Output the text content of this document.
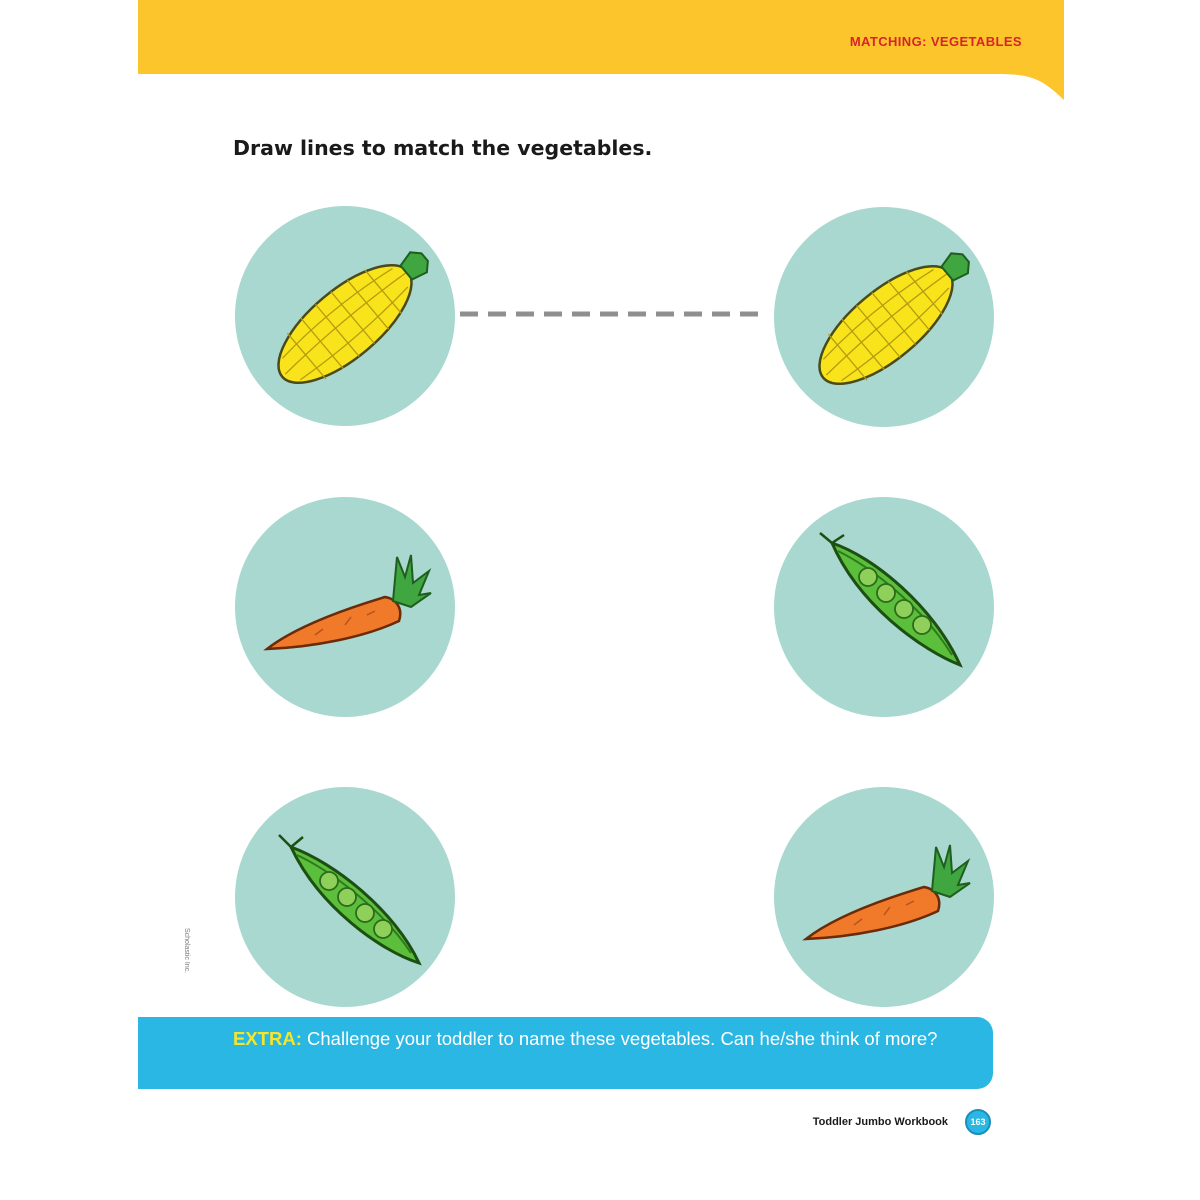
MATCHING: VEGETABLES
Draw lines to match the vegetables.
Scholastic Inc.
EXTRA: Challenge your toddler to name these vegetables. Can he/she think of more?
Toddler Jumbo Workbook	163
